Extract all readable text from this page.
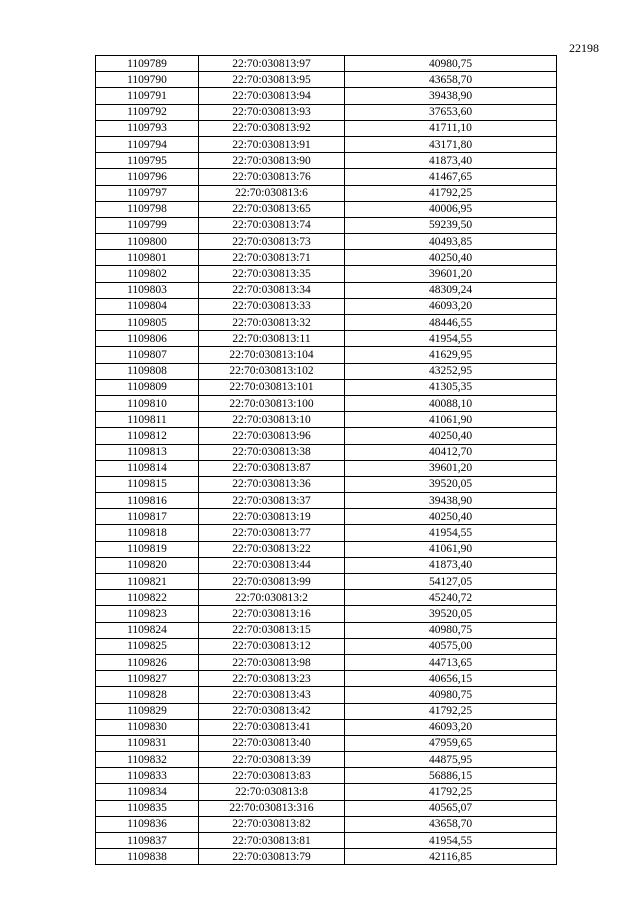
22198
1109789	22:70:030813:97	40980,75
1109790	22:70:030813:95	43658,70
1109791	22:70:030813:94	39438,90
1109792	22:70:030813:93	37653,60
1109793	22:70:030813:92	41711,10
1109794	22:70:030813:91	43171,80
1109795	22:70:030813:90	41873,40
1109796	22:70:030813:76	41467,65
1109797	22:70:030813:6	41792,25
1109798	22:70:030813:65	40006,95
1109799	22:70:030813:74	59239,50
1109800	22:70:030813:73	40493,85
1109801	22:70:030813:71	40250,40
1109802	22:70:030813:35	39601,20
1109803	22:70:030813:34	48309,24
1109804	22:70:030813:33	46093,20
1109805	22:70:030813:32	48446,55
1109806	22:70:030813:11	41954,55
1109807	22:70:030813:104	41629,95
1109808	22:70:030813:102	43252,95
1109809	22:70:030813:101	41305,35
1109810	22:70:030813:100	40088,10
1109811	22:70:030813:10	41061,90
1109812	22:70:030813:96	40250,40
1109813	22:70:030813:38	40412,70
1109814	22:70:030813:87	39601,20
1109815	22:70:030813:36	39520,05
1109816	22:70:030813:37	39438,90
1109817	22:70:030813:19	40250,40
1109818	22:70:030813:77	41954,55
1109819	22:70:030813:22	41061,90
1109820	22:70:030813:44	41873,40
1109821	22:70:030813:99	54127,05
1109822	22:70:030813:2	45240,72
1109823	22:70:030813:16	39520,05
1109824	22:70:030813:15	40980,75
1109825	22:70:030813:12	40575,00
1109826	22:70:030813:98	44713,65
1109827	22:70:030813:23	40656,15
1109828	22:70:030813:43	40980,75
1109829	22:70:030813:42	41792,25
1109830	22:70:030813:41	46093,20
1109831	22:70:030813:40	47959,65
1109832	22:70:030813:39	44875,95
1109833	22:70:030813:83	56886,15
1109834	22:70:030813:8	41792,25
1109835	22:70:030813:316	40565,07
1109836	22:70:030813:82	43658,70
1109837	22:70:030813:81	41954,55
1109838	22:70:030813:79	42116,85
